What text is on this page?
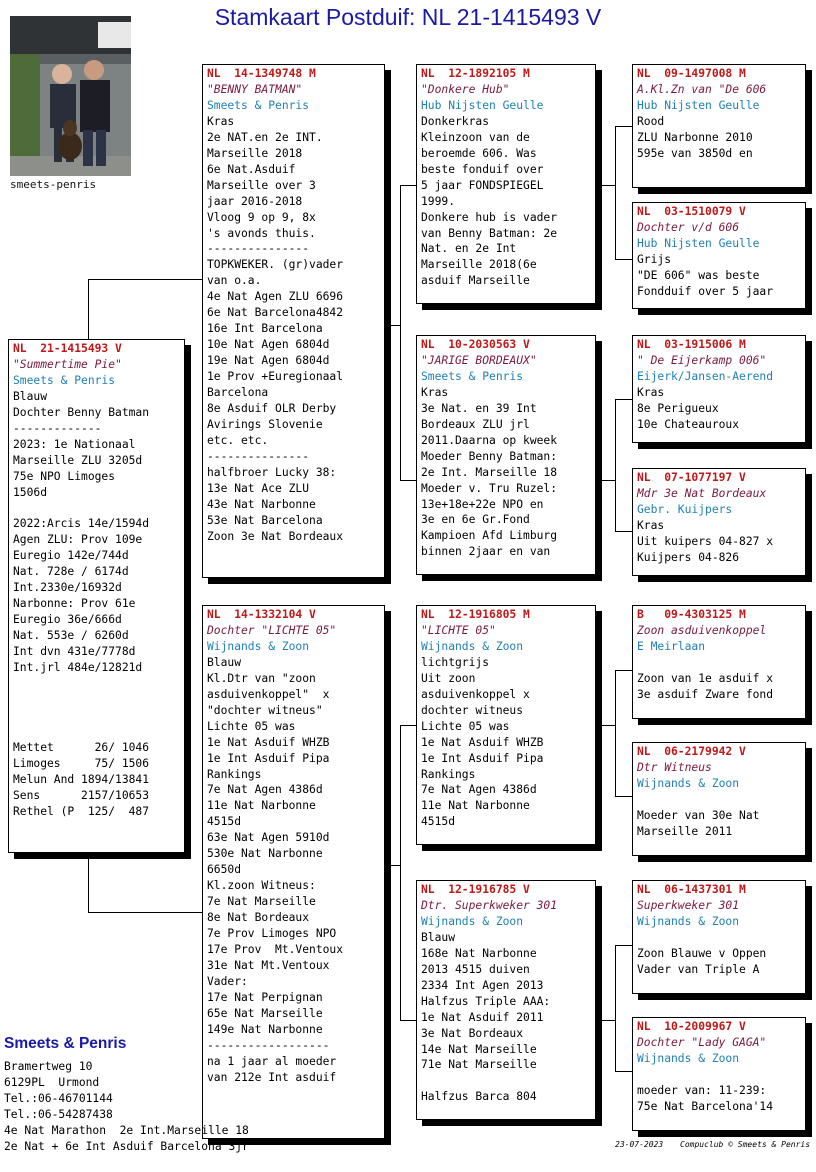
Stamkaart Postduif: NL 21-1415493 V
smeets-penris
NL  21-1415493 V
"Summertime Pie"
Smeets & Penris
Blauw
Dochter Benny Batman
-------------
2023: 1e Nationaal
Marseille ZLU 3205d
75e NPO Limoges
1506d

2022:Arcis 14e/1594d
Agen ZLU: Prov 109e
Euregio 142e/744d
Nat. 728e / 6174d
Int.2330e/16932d
Narbonne: Prov 61e
Euregio 36e/666d
Nat. 553e / 6260d
Int dvn 431e/7778d
Int.jrl 484e/12821d

Mettet      26/ 1046
Limoges     75/ 1506
Melun And 1894/13841
Sens      2157/10653
Rethel (P  125/  487
NL  14-1349748 M
"BENNY BATMAN"
Smeets & Penris
Kras
2e NAT.en 2e INT.
Marseille 2018
6e Nat.Asduif
Marseille over 3
jaar 2016-2018
Vloog 9 op 9, 8x
's avonds thuis.
---------------
TOPKWEKER. (gr)vader
van o.a.
4e Nat Agen ZLU 6696
6e Nat Barcelona4842
16e Int Barcelona
10e Nat Agen 6804d
19e Nat Agen 6804d
1e Prov +Euregionaal
Barcelona
8e Asduif OLR Derby
Avirings Slovenie
etc. etc.
---------------
halfbroer Lucky 38:
13e Nat Ace ZLU
43e Nat Narbonne
53e Nat Barcelona
Zoon 3e Nat Bordeaux
NL  14-1332104 V
Dochter "LICHTE 05"
Wijnands & Zoon
Blauw
Kl.Dtr van "zoon
asduivenkoppel"  x
"dochter witneus"
Lichte 05 was
1e Nat Asduif WHZB
1e Int Asduif Pipa
Rankings
7e Nat Agen 4386d
11e Nat Narbonne
4515d
63e Nat Agen 5910d
530e Nat Narbonne
6650d
Kl.zoon Witneus:
7e Nat Marseille
8e Nat Bordeaux
7e Prov Limoges NPO
17e Prov  Mt.Ventoux
31e Nat Mt.Ventoux
Vader:
17e Nat Perpignan
65e Nat Marseille
149e Nat Narbonne
------------------
na 1 jaar al moeder
van 212e Int asduif
NL  12-1892105 M
"Donkere Hub"
Hub Nijsten Geulle
Donkerkras
Kleinzoon van de
beroemde 606. Was
beste fonduif over
5 jaar FONDSPIEGEL
1999.
Donkere hub is vader
van Benny Batman: 2e
Nat. en 2e Int
Marseille 2018(6e
asduif Marseille
NL  10-2030563 V
"JARIGE BORDEAUX"
Smeets & Penris
Kras
3e Nat. en 39 Int
Bordeaux ZLU jrl
2011.Daarna op kweek
Moeder Benny Batman:
2e Int. Marseille 18
Moeder v. Tru Ruzel:
13e+18e+22e NPO en
3e en 6e Gr.Fond
Kampioen Afd Limburg
binnen 2jaar en van
NL  12-1916805 M
"LICHTE 05"
Wijnands & Zoon
lichtgrijs
Uit zoon
asduivenkoppel x
dochter witneus
Lichte 05 was
1e Nat Asduif WHZB
1e Int Asduif Pipa
Rankings
7e Nat Agen 4386d
11e Nat Narbonne
4515d
NL  12-1916785 V
Dtr. Superkweker 301
Wijnands & Zoon
Blauw
168e Nat Narbonne
2013 4515 duiven
2334 Int Agen 2013
Halfzus Triple AAA:
1e Nat Asduif 2011
3e Nat Bordeaux
14e Nat Marseille
71e Nat Marseille

Halfzus Barca 804
NL  09-1497008 M
A.Kl.Zn van "De 606
Hub Nijsten Geulle
Rood
ZLU Narbonne 2010
595e van 3850d en
NL  03-1510079 V
Dochter v/d 606
Hub Nijsten Geulle
Grijs
"DE 606" was beste
Fondduif over 5 jaar
NL  03-1915006 M
" De Eijerkamp 006"
Eijerk/Jansen-Aerend
Kras
8e Perigueux
10e Chateauroux
NL  07-1077197 V
Mdr 3e Nat Bordeaux
Gebr. Kuijpers
Kras
Uit kuipers 04-827 x
Kuijpers 04-826
B   09-4303125 M
Zoon asduivenkoppel
E Meirlaan

Zoon van 1e asduif x
3e asduif Zware fond
NL  06-2179942 V
Dtr Witneus
Wijnands & Zoon

Moeder van 30e Nat
Marseille 2011
NL  06-1437301 M
Superkweker 301
Wijnands & Zoon

Zoon Blauwe v Oppen
Vader van Triple A
NL  10-2009967 V
Dochter "Lady GAGA"
Wijnands & Zoon

moeder van: 11-239:
75e Nat Barcelona'14
Smeets & Penris
Bramertweg 10
6129PL  Urmond
Tel.:06-46701144
Tel.:06-54287438
4e Nat Marathon  2e Int.Marseille 18
2e Nat + 6e Int Asduif Barcelona 3jr	23-07-2023 Compuclub © Smeets & Penris
